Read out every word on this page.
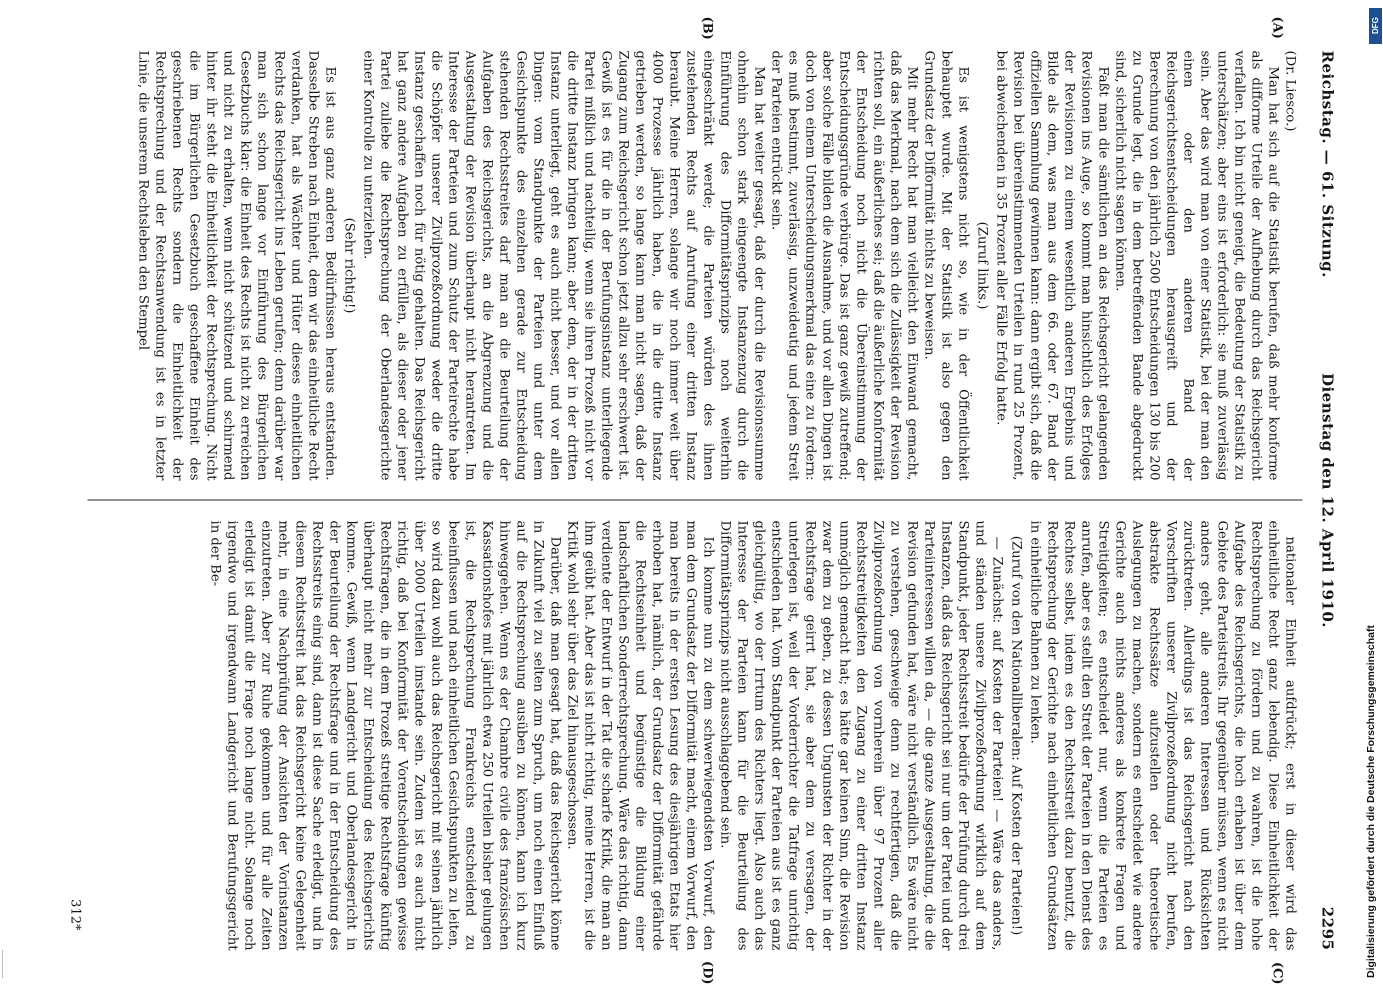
Reichstag. — 61. Sitzung.
Dienstag den 12. April 1910.
2295
(A)
(B)
(C)
(D)

(Dr. Liesco.)

Man hat sich auf die Statistik berufen, daß mehr konforme als difforme Urteile der Aufhebung durch das Reichsgericht verfallen. Ich bin nicht geneigt, die Bedeutung der Statistik zu unterschätzen; aber eins ist erforderlich: sie muß zuverlässig sein. Aber das wird man von einer Statistik, bei der man den einen oder den anderen Band der Reichsgerichtsentscheidungen herausgreift und der Berechnung von den jährlich 2500 Entscheidungen 130 bis 200 zu Grunde legt, die in dem betreffenden Bande abgedruckt sind, sicherlich nicht sagen können.

Faßt man die sämtlichen an das Reichsgericht gelangenden Revisionen ins Auge, so kommt man hinsichtlich des Erfolges der Revisionen zu einem wesentlich anderen Ergebnis und Bilde als dem, was man aus dem 66. oder 67. Band der offiziellen Sammlung gewinnen kann: dann ergibt sich, daß die Revision bei übereinstimmenden Urteilen in rund 25 Prozent, bei abweichenden in 35 Prozent aller Fälle Erfolg hatte.

(Zuruf links.)

Es ist wenigstens nicht so, wie in der Öffentlichkeit behauptet wurde. Mit der Statistik ist also gegen den Grundsatz der Difformität nichts zu beweisen.

Mit mehr Recht hat man vielleicht den Einwand gemacht, daß das Merkmal, nach dem sich die Zulässigkeit der Revision richten soll, ein äußerliches sei; daß die äußerliche Konformität der Entscheidung noch nicht die Übereinstimmung der Entscheidungsgründe verbürge. Das ist ganz gewiß zutreffend; aber solche Fälle bilden die Ausnahme, und vor allen Dingen ist doch von einem Unterscheidungsmerkmal das eine zu fordern: es muß bestimmt, zuverlässig, unzweideutig und jedem Streit der Parteien entrückt sein.

Man hat weiter gesagt, daß der durch die Revisionssumme ohnehin schon stark eingeengte Instanzenzug durch die Einführung des Difformitätsprinzips noch weiterhin eingeschränkt werde; die Parteien würden des ihnen zustehenden Rechts auf Anrufung einer dritten Instanz beraubt. Meine Herren, solange wir noch immer weit über 4000 Prozesse jährlich haben, die in die dritte Instanz getrieben werden, so lange kann man nicht sagen, daß der Zugang zum Reichsgericht schon jetzt allzu sehr erschwert ist. Gewiß ist es für die in der Berufungsinstanz unterliegende Partei mißlich und nachteilig, wenn sie ihren Prozeß nicht vor die dritte Instanz bringen kann; aber dem, der in der dritten Instanz unterliegt, geht es auch nicht besser, und vor allen Dingen: vom Standpunkte der Parteien und unter dem Gesichtspunkte des einzelnen gerade zur Entscheidung stehenden Rechtsstreites darf man an die Beurteilung der Aufgaben des Reichsgerichts, an die Abgrenzung und die Ausgestaltung der Revision überhaupt nicht herantreten. Im Interesse der Parteien und zum Schutz der Parteirechte habe die Schöpfer unserer Zivilprozeßordnung weder die dritte Instanz geschaffen noch für nötig gehalten. Das Reichsgericht hat ganz andere Aufgaben zu erfüllen, als dieser oder jener Partei zuliebe die Rechtsprechung der Oberlandesgerichte einer Kontrolle zu unterziehen.

(Sehr richtig!)

Es ist aus ganz anderen Bedürfnissen heraus entstanden. Dasselbe Streben nach Einheit, dem wir das einheitliche Recht verdanken, hat als Wächter und Hüter dieses einheitlichen Rechts das Reichsgericht ins Leben gerufen; denn darüber war man sich schon lange vor Einführung des Bürgerlichen Gesetzbuchs klar: die Einheit des Rechts ist nicht zu erreichen und nicht zu erhalten, wenn nicht schützend und schirmend hinter ihr steht die Einheitlichkeit der Rechtsprechung. Nicht die im Bürgerlichen Gesetzbuch geschaffene Einheit des geschriebenen Rechts sondern die Einheitlichkeit der Rechtsprechung und der Rechtsanwendung ist es in letzter Linie, die unserem Rechtsleben den Stempel

nationaler Einheit aufdrückt; erst in dieser wird das einheitliche Recht ganz lebendig. Diese Einheitlichkeit der Rechtsprechung zu fördern und zu wahren, ist die hohe Aufgabe des Reichsgerichts, die hoch erhaben ist über dem Gebiete des Parteistreits. Ihr gegenüber müssen, wenn es nicht anders geht, alle anderen Interessen und Rücksichten zurücktreten. Allerdings ist das Reichsgericht nach den Vorschriften unserer Zivilprozeßordnung nicht berufen, abstrakte Rechtssätze aufzustellen oder theoretische Auslegungen zu machen, sondern es entscheidet wie andere Gerichte auch nichts anderes als konkrete Fragen und Streitigkeiten; es entscheidet nur, wenn die Parteien es anrufen, aber es stellt den Streit der Parteien in den Dienst des Rechtes selbst, indem es den Rechtsstreit dazu benutzt, die Rechtsprechung der Gerichte nach einheitlichen Grundsätzen in einheitliche Bahnen zu lenken.

(Zuruf von den Nationalliberalen: Auf Kosten der Parteien!)

— Zunächst: auf Kosten der Parteien! — Wäre das anders, und ständen unsere Zivilprozeßordnung wirklich auf dem Standpunkt, jeder Rechtsstreit bedürfe der Prüfung durch drei Instanzen, daß das Reichsgericht sei nur um der Partei und der Parteiinteressen willen da, — die ganze Ausgestaltung, die die Revision gefunden hat, wäre nicht verständlich. Es wäre nicht zu verstehen, geschweige denn zu rechtfertigen, daß die Zivilprozeßordnung von vornherein über 97 Prozent aller Rechtsstreitigkeiten den Zugang zu einer dritten Instanz unmöglich gemacht hat; es hätte gar keinen Sinn, die Revision zwar dem zu geben, zu dessen Ungunsten der Richter in der Rechtsfrage geirrt hat, sie aber dem zu versagen, der unterlegen ist, weil der Vorderrichter die Tatfrage unrichtig entschieden hat. Vom Standpunkt der Parteien aus ist es ganz gleichgültig, wo der Irrtum des Richters liegt. Also auch das Interesse der Parteien kann für die Beurteilung des Difformitätsprinzips nicht ausschlaggebend sein.

Ich komme nun zu dem schwerwiegendsten Vorwurf, den man dem Grundsatz der Difformität macht, einem Vorwurf, den man bereits in der ersten Lesung des diesjährigen Etats hier erhoben hat, nämlich, der Grundsatz der Difformität gefährde die Rechtseinheit und begünstige die Bildung einer landschaftlichen Sonderrechtsprechung. Wäre das richtig, dann verdiente der Entwurf in der Tat die scharfe Kritik, die man an ihm geübt hat. Aber das ist nicht richtig, meine Herren, ist die Kritik wohl sehr über das Ziel hinausgeschossen.

Darüber, daß man gesagt hat, daß das Reichsgericht könne in Zukunft viel zu selten zum Spruch, um noch einen Einfluß auf die Rechtsprechung ausüben zu können, kann ich kurz hinweggehen. Wenn es der Chambre civile des französischen Kassationshofes mit jährlich etwa 250 Urteilen bisher gelungen ist, die Rechtsprechung Frankreichs entscheidend zu beeinflussen und nach einheitlichen Gesichtspunkten zu leiten, so wird dazu wohl auch das Reichsgericht mit seinen jährlich über 2000 Urteilen imstande sein. Zudem ist es auch nicht richtig, daß bei Konformität der Vorentscheidungen gewisse Rechtsfragen, die in dem Prozeß streitige Rechtsfrage künftig überhaupt nicht mehr zur Entscheidung des Reichsgerichts komme. Gewiß, wenn Landgericht und Oberlandesgericht in der Beurteilung der Rechtsfrage und in der Entscheidung des Rechtsstreits einig sind, dann ist diese Sache erledigt, und in diesem Rechtsstreit hat das Reichsgericht keine Gelegenheit mehr, in eine Nachprüfung der Ansichten der Vorinstanzen einzutreten. Aber zur Ruhe gekommen und für alle Zeiten erledigt ist damit die Frage noch lange nicht. Solange noch irgendwo und irgendwann Landgericht und Berufungsgericht in der Be-

312*
DFG
Digitalisierung gefördert durch die Deutsche Forschungsgemeinschaft
